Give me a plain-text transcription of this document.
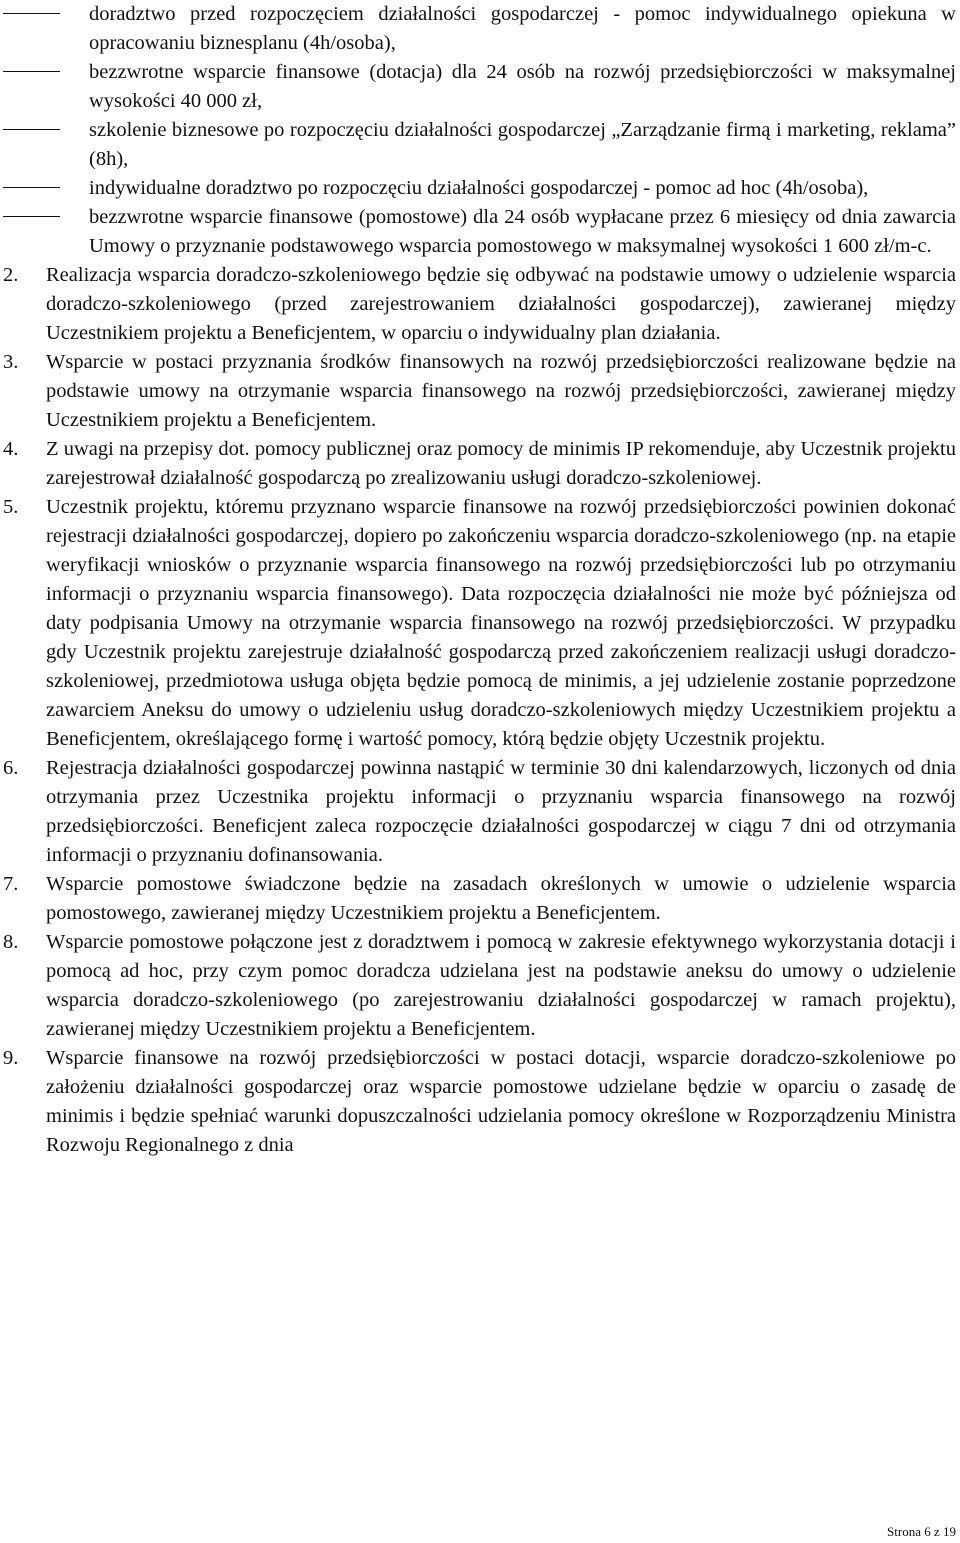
doradztwo przed rozpoczęciem działalności gospodarczej - pomoc indywidualnego opiekuna w opracowaniu biznesplanu (4h/osoba),
bezzwrotne wsparcie finansowe (dotacja) dla 24 osób na rozwój przedsiębiorczości w maksymalnej wysokości 40 000 zł,
szkolenie biznesowe po rozpoczęciu działalności gospodarczej „Zarządzanie firmą i marketing, reklama” (8h),
indywidualne doradztwo po rozpoczęciu działalności gospodarczej - pomoc ad hoc (4h/osoba),
bezzwrotne wsparcie finansowe (pomostowe) dla 24 osób wypłacane przez 6 miesięcy od dnia zawarcia Umowy o przyznanie podstawowego wsparcia pomostowego w maksymalnej wysokości 1 600 zł/m-c.
2. Realizacja wsparcia doradczo-szkoleniowego będzie się odbywać na podstawie umowy o udzielenie wsparcia doradczo-szkoleniowego (przed zarejestrowaniem działalności gospodarczej), zawieranej między Uczestnikiem projektu a Beneficjentem, w oparciu o indywidualny plan działania.
3. Wsparcie w postaci przyznania środków finansowych na rozwój przedsiębiorczości realizowane będzie na podstawie umowy na otrzymanie wsparcia finansowego na rozwój przedsiębiorczości, zawieranej między Uczestnikiem projektu a Beneficjentem.
4. Z uwagi na przepisy dot. pomocy publicznej oraz pomocy de minimis IP rekomenduje, aby Uczestnik projektu zarejestrował działalność gospodarczą po zrealizowaniu usługi doradczo-szkoleniowej.
5. Uczestnik projektu, któremu przyznano wsparcie finansowe na rozwój przedsiębiorczości powinien dokonać rejestracji działalności gospodarczej, dopiero po zakończeniu wsparcia doradczo-szkoleniowego (np. na etapie weryfikacji wniosków o przyznanie wsparcia finansowego na rozwój przedsiębiorczości lub po otrzymaniu informacji o przyznaniu wsparcia finansowego). Data rozpoczęcia działalności nie może być późniejsza od daty podpisania Umowy na otrzymanie wsparcia finansowego na rozwój przedsiębiorczości. W przypadku gdy Uczestnik projektu zarejestruje działalność gospodarczą przed zakończeniem realizacji usługi doradczo-szkoleniowej, przedmiotowa usługa objęta będzie pomocą de minimis, a jej udzielenie zostanie poprzedzone zawarciem Aneksu do umowy o udzieleniu usług doradczo-szkoleniowych między Uczestnikiem projektu a Beneficjentem, określającego formę i wartość pomocy, którą będzie objęty Uczestnik projektu.
6. Rejestracja działalności gospodarczej powinna nastąpić w terminie 30 dni kalendarzowych, liczonych od dnia otrzymania przez Uczestnika projektu informacji o przyznaniu wsparcia finansowego na rozwój przedsiębiorczości. Beneficjent zaleca rozpoczęcie działalności gospodarczej w ciągu 7 dni od otrzymania informacji o przyznaniu dofinansowania.
7. Wsparcie pomostowe świadczone będzie na zasadach określonych w umowie o udzielenie wsparcia pomostowego, zawieranej między Uczestnikiem projektu a Beneficjentem.
8. Wsparcie pomostowe połączone jest z doradztwem i pomocą w zakresie efektywnego wykorzystania dotacji i pomocą ad hoc, przy czym pomoc doradcza udzielana jest na podstawie aneksu do umowy o udzielenie wsparcia doradczo-szkoleniowego (po zarejestrowaniu działalności gospodarczej w ramach projektu), zawieranej między Uczestnikiem projektu a Beneficjentem.
9. Wsparcie finansowe na rozwój przedsiębiorczości w postaci dotacji, wsparcie doradczo-szkoleniowe po założeniu działalności gospodarczej oraz wsparcie pomostowe udzielane będzie w oparciu o zasadę de minimis i będzie spełniać warunki dopuszczalności udzielania pomocy określone w Rozporządzeniu Ministra Rozwoju Regionalnego z dnia
Strona 6 z 19
